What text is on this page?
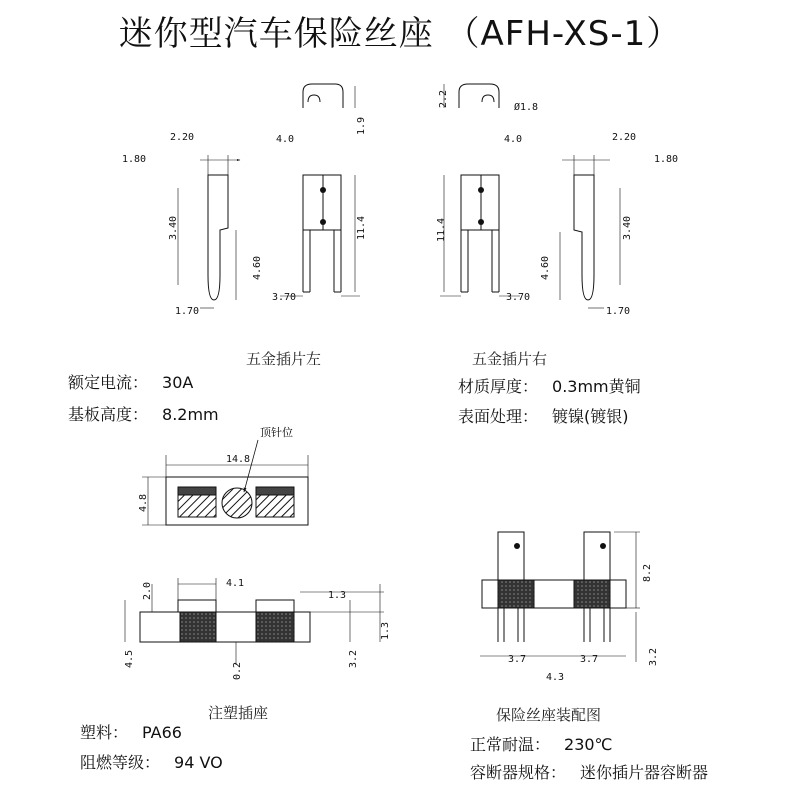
迷你型汽车保险丝座 （AFH-XS-1）
2.20
1.80
4.0
1.9
3.40
4.60
11.4
3.70
1.70
2.2	Ø1.8
4.0	2.20
1.80
11.4
4.60
3.40
3.70
1.70
14.8
4.8
2.0	4.1
1.3
1.3
4.5
0.2
3.2
8.2
3.7	3.7
4.3
3.2
顶针位
五金插片左	五金插片右
注塑插座	保险丝座装配图
额定电流： 30A
基板高度： 8.2mm
材质厚度： 0.3mm黄铜
表面处理： 镀镍(镀银)
塑料： PA66
阻燃等级： 94 VO
正常耐温： 230℃
容断器规格： 迷你插片器容断器
